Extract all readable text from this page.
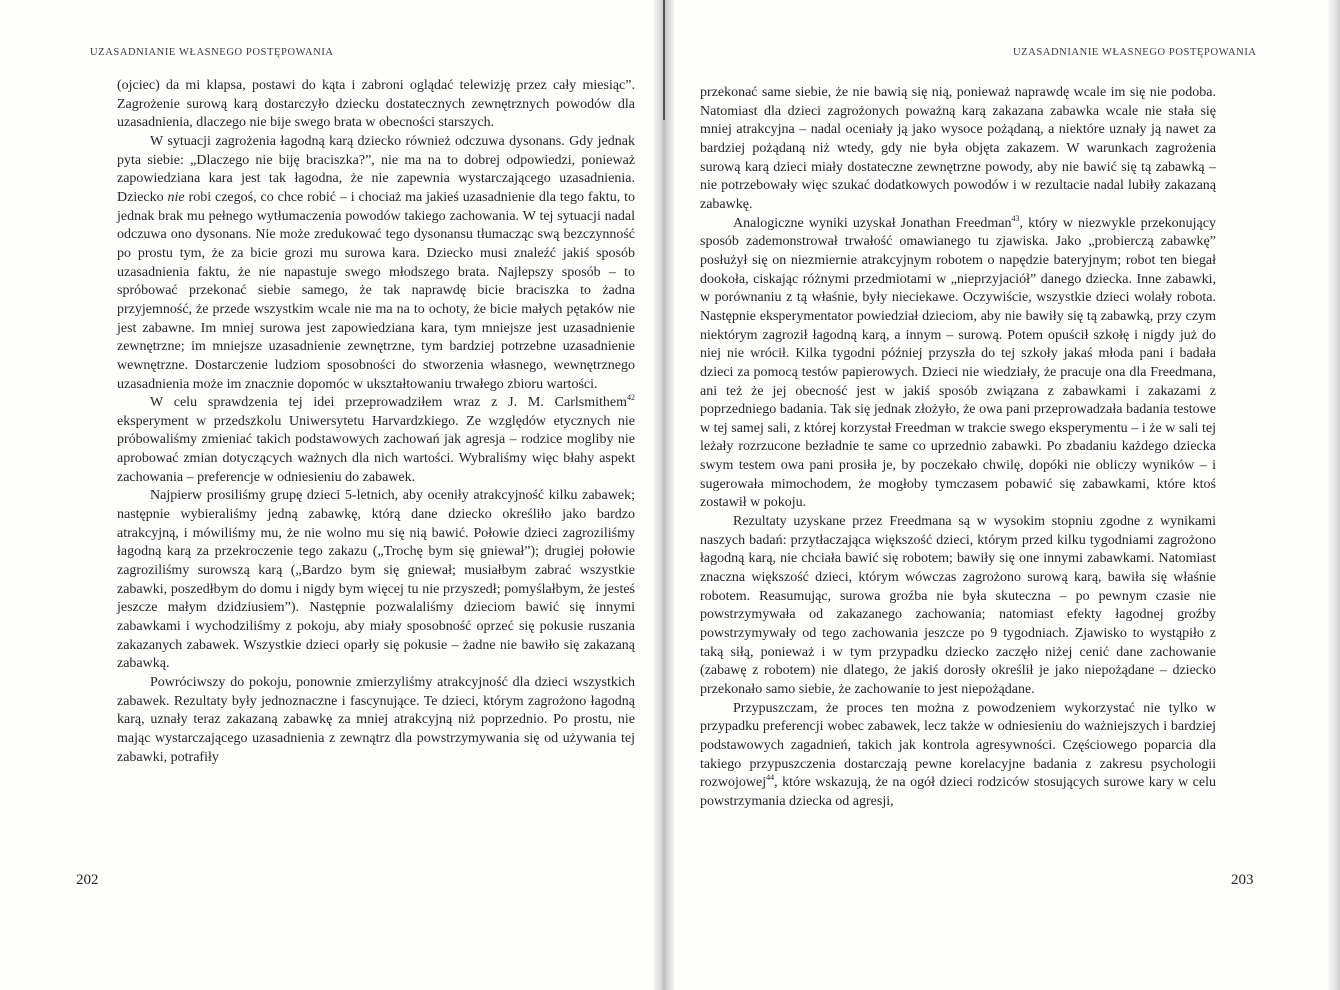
UZASADNIANIE WŁASNEGO POSTĘPOWANIA

(ojciec) da mi klapsa, postawi do kąta i zabroni oglądać telewizję przez cały miesiąc”. Zagrożenie surową karą dostarczyło dziecku dostatecznych zewnętrznych powodów dla uzasadnienia, dlaczego nie bije swego brata w obecności starszych.

W sytuacji zagrożenia łagodną karą dziecko również odczuwa dysonans. Gdy jednak pyta siebie: „Dlaczego nie biję braciszka?”, nie ma na to dobrej odpowiedzi, ponieważ zapowiedziana kara jest tak łagodna, że nie zapewnia wystarczającego uzasadnienia. Dziecko nie robi czegoś, co chce robić – i chociaż ma jakieś uzasadnienie dla tego faktu, to jednak brak mu pełnego wytłumaczenia powodów takiego zachowania. W tej sytuacji nadal odczuwa ono dysonans. Nie może zredukować tego dysonansu tłumacząc swą bezczynność po prostu tym, że za bicie grozi mu surowa kara. Dziecko musi znaleźć jakiś sposób uzasadnienia faktu, że nie napastuje swego młodszego brata. Najlepszy sposób – to spróbować przekonać siebie samego, że tak naprawdę bicie braciszka to żadna przyjemność, że przede wszystkim wcale nie ma na to ochoty, że bicie małych pętaków nie jest zabawne. Im mniej surowa jest zapowiedziana kara, tym mniejsze jest uzasadnienie zewnętrzne; im mniejsze uzasadnienie zewnętrzne, tym bardziej potrzebne uzasadnienie wewnętrzne. Dostarczenie ludziom sposobności do stworzenia własnego, wewnętrznego uzasadnienia może im znacznie dopomóc w ukształtowaniu trwałego zbioru wartości.

W celu sprawdzenia tej idei przeprowadziłem wraz z J. M. Carlsmithem$^{42}$ eksperyment w przedszkolu Uniwersytetu Harvardzkiego. Ze względów etycznych nie próbowaliśmy zmieniać takich podstawowych zachowań jak agresja – rodzice mogliby nie aprobować zmian dotyczących ważnych dla nich wartości. Wybraliśmy więc błahy aspekt zachowania – preferencje w odniesieniu do zabawek.

Najpierw prosiliśmy grupę dzieci 5-letnich, aby oceniły atrakcyjność kilku zabawek; następnie wybieraliśmy jedną zabawkę, którą dane dziecko określiło jako bardzo atrakcyjną, i mówiliśmy mu, że nie wolno mu się nią bawić. Połowie dzieci zagroziliśmy łagodną karą za przekroczenie tego zakazu („Trochę bym się gniewał”); drugiej połowie zagroziliśmy surowszą karą („Bardzo bym się gniewał; musiałbym zabrać wszystkie zabawki, poszedłbym do domu i nigdy bym więcej tu nie przyszedł; pomyślałbym, że jesteś jeszcze małym dzidziusiem”). Następnie pozwalaliśmy dzieciom bawić się innymi zabawkami i wychodziliśmy z pokoju, aby miały sposobność oprzeć się pokusie ruszania zakazanych zabawek. Wszystkie dzieci oparły się pokusie – żadne nie bawiło się zakazaną zabawką.

Powróciwszy do pokoju, ponownie zmierzyliśmy atrakcyjność dla dzieci wszystkich zabawek. Rezultaty były jednoznaczne i fascynujące. Te dzieci, którym zagrożono łagodną karą, uznały teraz zakazaną zabawkę za mniej atrakcyjną niż poprzednio. Po prostu, nie mając wystarczającego uzasadnienia z zewnątrz dla powstrzymywania się od używania tej zabawki, potrafiły

202

przekonać same siebie, że nie bawią się nią, ponieważ naprawdę wcale im się nie podoba. Natomiast dla dzieci zagrożonych poważną karą zakazana zabawka wcale nie stała się mniej atrakcyjna – nadal oceniały ją jako wysoce pożądaną, a niektóre uznały ją nawet za bardziej pożądaną niż wtedy, gdy nie była objęta zakazem. W warunkach zagrożenia surową karą dzieci miały dostateczne zewnętrzne powody, aby nie bawić się tą zabawką – nie potrzebowały więc szukać dodatkowych powodów i w rezultacie nadal lubiły zakazaną zabawkę.

Analogiczne wyniki uzyskał Jonathan Freedman$^{43}$, który w niezwykle przekonujący sposób zademonstrował trwałość omawianego tu zjawiska. Jako „probierczą zabawkę” posłużył się on niezmiernie atrakcyjnym robotem o napędzie bateryjnym; robot ten biegał dookoła, ciskając różnymi przedmiotami w „nieprzyjaciół” danego dziecka. Inne zabawki, w porównaniu z tą właśnie, były nieciekawe. Oczywiście, wszystkie dzieci wolały robota. Następnie eksperymentator powiedział dzieciom, aby nie bawiły się tą zabawką, przy czym niektórym zagroził łagodną karą, a innym – surową. Potem opuścił szkołę i nigdy już do niej nie wrócił. Kilka tygodni później przyszła do tej szkoły jakaś młoda pani i badała dzieci za pomocą testów papierowych. Dzieci nie wiedziały, że pracuje ona dla Freedmana, ani też że jej obecność jest w jakiś sposób związana z zabawkami i zakazami z poprzedniego badania. Tak się jednak złożyło, że owa pani przeprowadzała badania testowe w tej samej sali, z której korzystał Freedman w trakcie swego eksperymentu – i że w sali tej leżały rozrzucone bezładnie te same co uprzednio zabawki. Po zbadaniu każdego dziecka swym testem owa pani prosiła je, by poczekało chwilę, dopóki nie obliczy wyników – i sugerowała mimochodem, że mogłoby tymczasem pobawić się zabawkami, które ktoś zostawił w pokoju.

Rezultaty uzyskane przez Freedmana są w wysokim stopniu zgodne z wynikami naszych badań: przytłaczająca większość dzieci, którym przed kilku tygodniami zagrożono łagodną karą, nie chciała bawić się robotem; bawiły się one innymi zabawkami. Natomiast znaczna większość dzieci, którym wówczas zagrożono surową karą, bawiła się właśnie robotem. Reasumując, surowa groźba nie była skuteczna – po pewnym czasie nie powstrzymywała od zakazanego zachowania; natomiast efekty łagodnej groźby powstrzymywały od tego zachowania jeszcze po 9 tygodniach. Zjawisko to wystąpiło z taką siłą, ponieważ i w tym przypadku dziecko zaczęło niżej cenić dane zachowanie (zabawę z robotem) nie dlatego, że jakiś dorosły określił je jako niepożądane – dziecko przekonało samo siebie, że zachowanie to jest niepożądane.

Przypuszczam, że proces ten można z powodzeniem wykorzystać nie tylko w przypadku preferencji wobec zabawek, lecz także w odniesieniu do ważniejszych i bardziej podstawowych zagadnień, takich jak kontrola agresywności. Częściowego poparcia dla takiego przypuszczenia dostarczają pewne korelacyjne badania z zakresu psychologii rozwojowej$^{44}$, które wskazują, że na ogół dzieci rodziców stosujących surowe kary w celu powstrzymania dziecka od agresji,

UZASADNIANIE WŁASNEGO POSTĘPOWANIA
203
